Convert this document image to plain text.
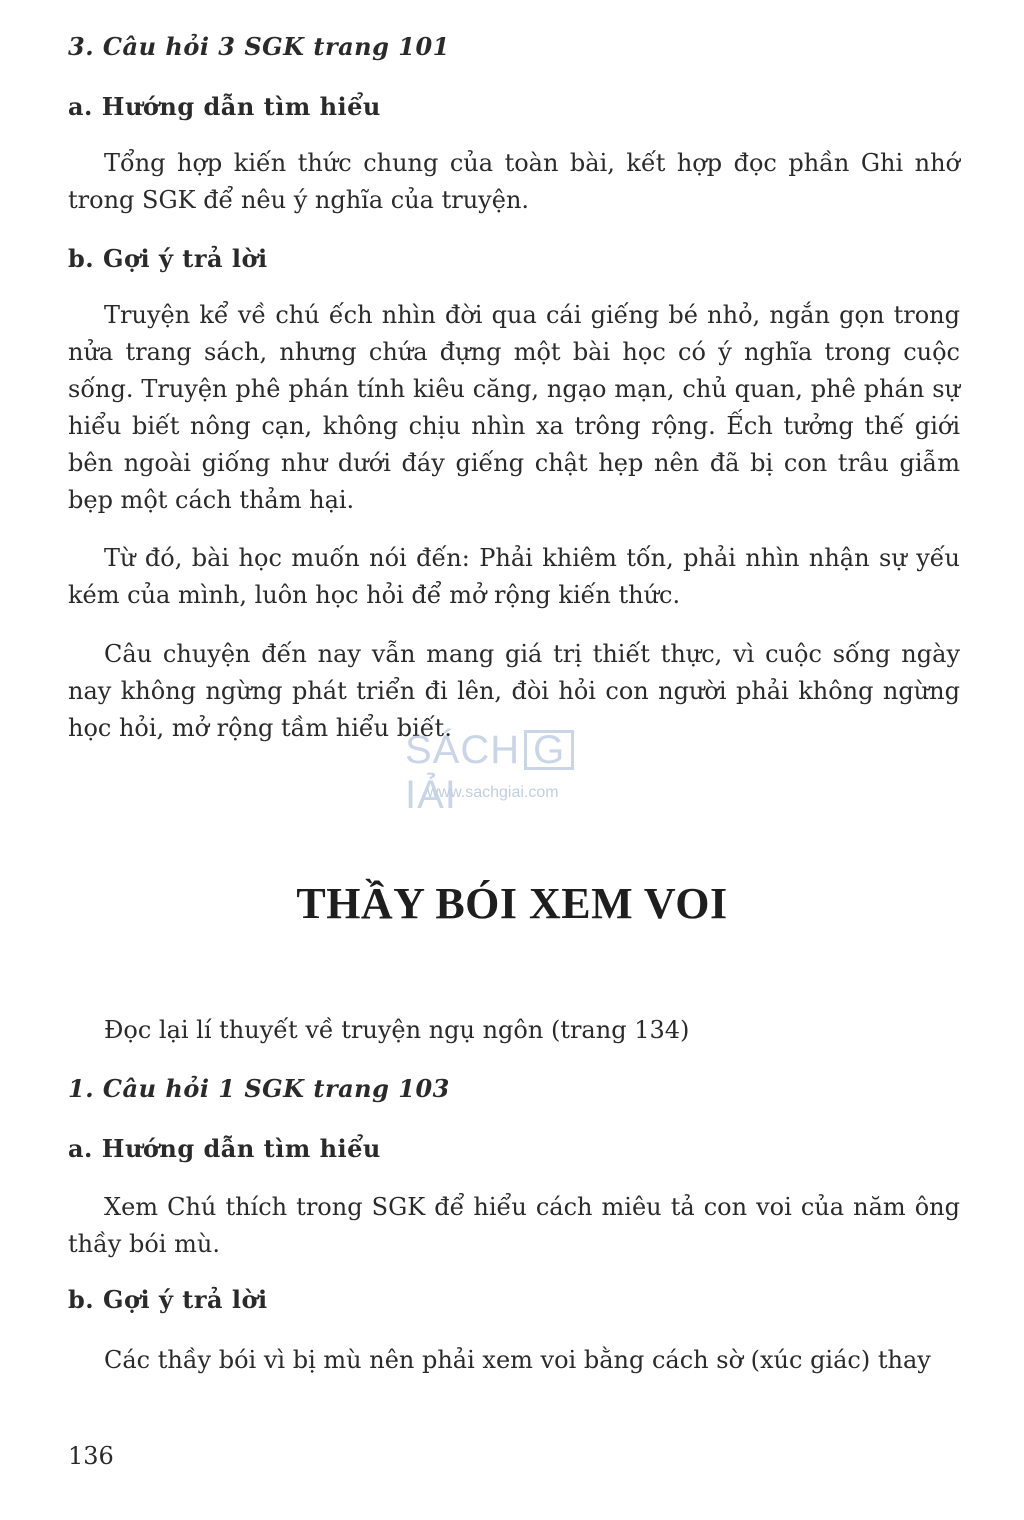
3. Câu hỏi 3 SGK trang 101

a. Hướng dẫn tìm hiểu

Tổng hợp kiến thức chung của toàn bài, kết hợp đọc phần Ghi nhớ trong SGK để nêu ý nghĩa của truyện.

b. Gợi ý trả lời

Truyện kể về chú ếch nhìn đời qua cái giếng bé nhỏ, ngắn gọn trong nửa trang sách, nhưng chứa đựng một bài học có ý nghĩa trong cuộc sống. Truyện phê phán tính kiêu căng, ngạo mạn, chủ quan, phê phán sự hiểu biết nông cạn, không chịu nhìn xa trông rộng. Ếch tưởng thế giới bên ngoài giống như dưới đáy giếng chật hẹp nên đã bị con trâu giẫm bẹp một cách thảm hại.

Từ đó, bài học muốn nói đến: Phải khiêm tốn, phải nhìn nhận sự yếu kém của mình, luôn học hỏi để mở rộng kiến thức.

Câu chuyện đến nay vẫn mang giá trị thiết thực, vì cuộc sống ngày nay không ngừng phát triển đi lên, đòi hỏi con người phải không ngừng học hỏi, mở rộng tầm hiểu biết.

SÁCH GIẢI
www.sachgiai.com
THẦY BÓI XEM VOI

Đọc lại lí thuyết về truyện ngụ ngôn (trang 134)

1. Câu hỏi 1 SGK trang 103

a. Hướng dẫn tìm hiểu

Xem Chú thích trong SGK để hiểu cách miêu tả con voi của năm ông thầy bói mù.

b. Gợi ý trả lời

Các thầy bói vì bị mù nên phải xem voi bằng cách sờ (xúc giác) thay

136
